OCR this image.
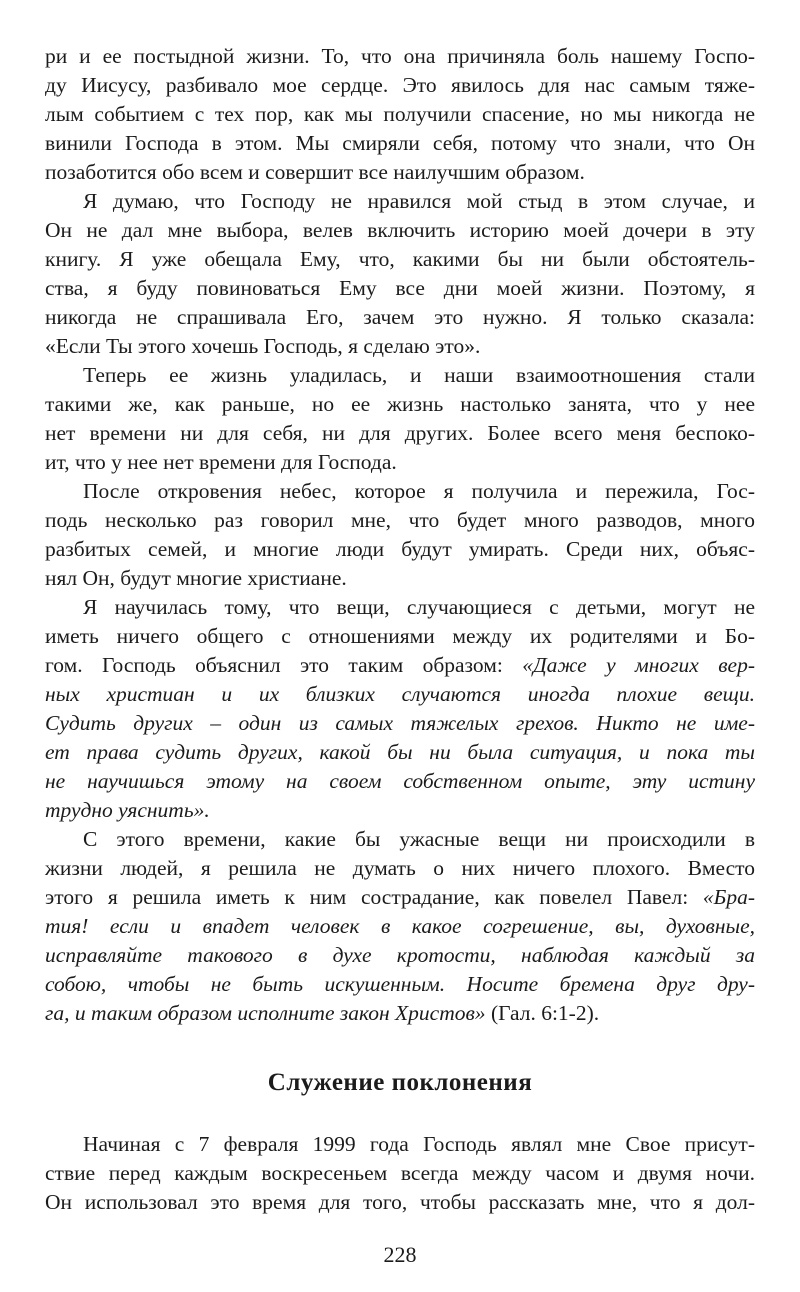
ри и ее постыдной жизни. То, что она причиняла боль нашему Госпо-
ду Иисусу, разбивало мое сердце. Это явилось для нас самым тяже-
лым событием с тех пор, как мы получили спасение, но мы никогда не
винили Господа в этом. Мы смиряли себя, потому что знали, что Он
позаботится обо всем и совершит все наилучшим образом.
Я думаю, что Господу не нравился мой стыд в этом случае, и
Он не дал мне выбора, велев включить историю моей дочери в эту
книгу. Я уже обещала Ему, что, какими бы ни были обстоятель-
ства, я буду повиноваться Ему все дни моей жизни. Поэтому, я
никогда не спрашивала Его, зачем это нужно. Я только сказала:
«Если Ты этого хочешь Господь, я сделаю это».
Теперь ее жизнь уладилась, и наши взаимоотношения стали
такими же, как раньше, но ее жизнь настолько занята, что у нее
нет времени ни для себя, ни для других. Более всего меня беспоко-
ит, что у нее нет времени для Господа.
После откровения небес, которое я получила и пережила, Гос-
подь несколько раз говорил мне, что будет много разводов, много
разбитых семей, и многие люди будут умирать. Среди них, объяс-
нял Он, будут многие христиане.
Я научилась тому, что вещи, случающиеся с детьми, могут не
иметь ничего общего с отношениями между их родителями и Бо-
гом. Господь объяснил это таким образом: «Даже у многих вер-
ных христиан и их близких случаются иногда плохие вещи.
Судить других – один из самых тяжелых грехов. Никто не име-
ет права судить других, какой бы ни была ситуация, и пока ты
не научишься этому на своем собственном опыте, эту истину
трудно уяснить».
С этого времени, какие бы ужасные вещи ни происходили в
жизни людей, я решила не думать о них ничего плохого. Вместо
этого я решила иметь к ним сострадание, как повелел Павел: «Бра-
тия! если и впадет человек в какое согрешение, вы, духовные,
исправляйте такового в духе кротости, наблюдая каждый за
собою, чтобы не быть искушенным. Носите бремена друг дру-
га, и таким образом исполните закон Христов» (Гал. 6:1-2).
Служение поклонения
Начиная с 7 февраля 1999 года Господь являл мне Свое присут-
ствие перед каждым воскресеньем всегда между часом и двумя ночи.
Он использовал это время для того, чтобы рассказать мне, что я дол-
228
